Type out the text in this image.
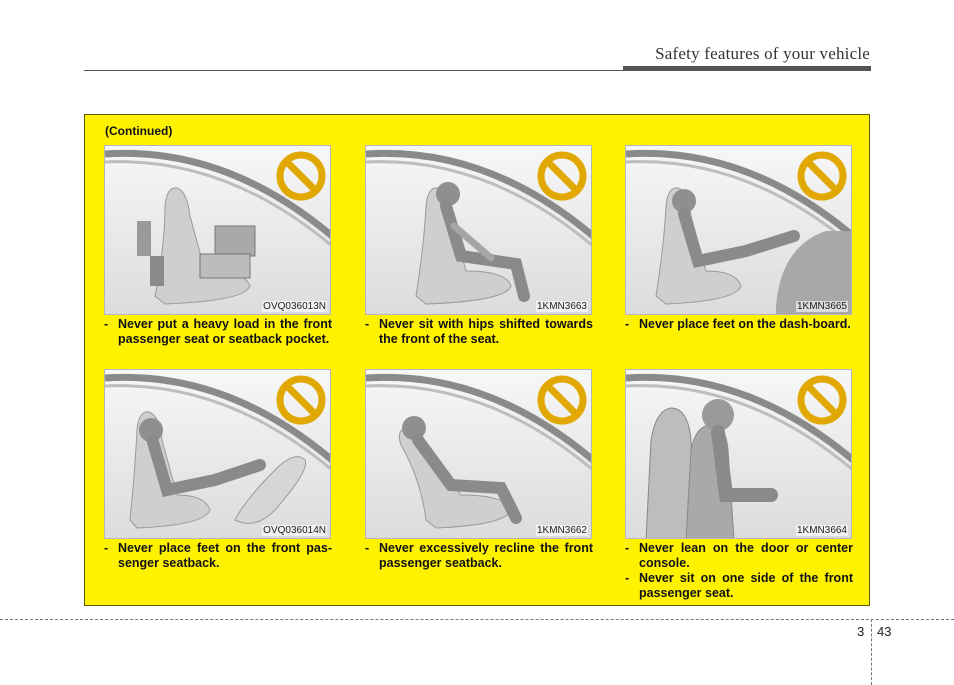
Safety features of your vehicle
(Continued)
OVQ036013N	1KMN3663	1KMN3665
- Never put a heavy load in the front passenger seat or seatback pocket.
- Never sit with hips shifted towards the front of the seat.
- Never place feet on the dash-board.
OVQ036014N	1KMN3662	1KMN3664
- Never place feet on the front pas-senger seatback.
- Never excessively recline the front passenger seatback.
- Never lean on the door or center console.
- Never sit on one side of the front passenger seat.
3 43
